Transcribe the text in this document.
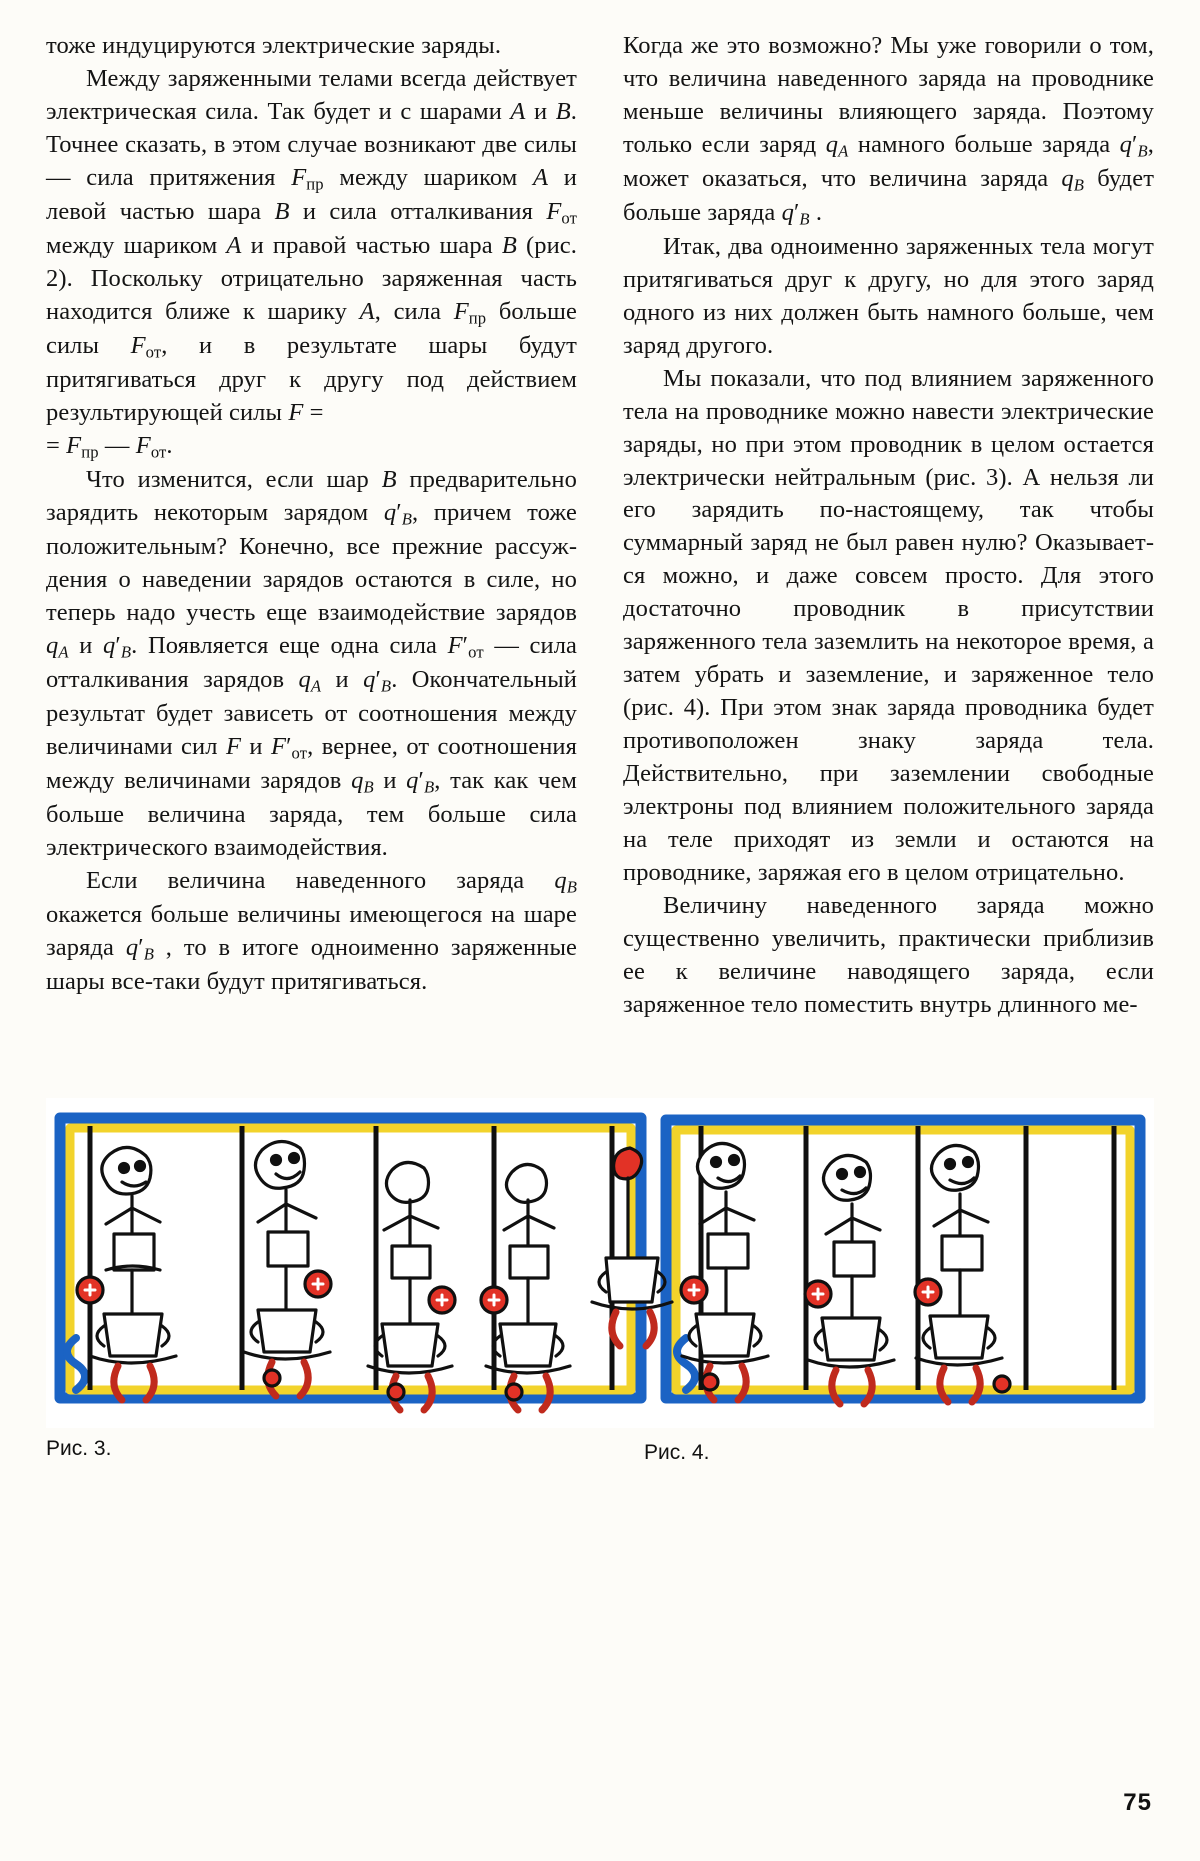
тоже индуцируются электрические заряды.

Между заряженными телами всегда действует электрическая сила. Так будет и с шарами A и B. Точнее сказать, в этом случае возникают две силы — сила притяжения $F_{пр}$ между шариком A и левой частью шара B и сила отталкивания $F_{от}$ между шариком A и правой частью шара B (рис. 2). Поскольку отрицательно заряженная часть находится ближе к шарику A, сила $F_{пр}$ больше силы $F_{от}$, и в результате шары будут притягиваться друг к другу под действием результирующей силы F =
= $F_{пр}$ — $F_{от}$.

Что изменится, если шар B предварительно зарядить некоторым зарядом $q'_B$, причем тоже положительным? Конечно, все прежние рассуждения о наведении зарядов остаются в силе, но теперь надо учесть еще взаимодействие зарядов $q_A$ и $q'_B$. Появляется еще одна сила $F'_{от}$ — сила отталкивания зарядов $q_A$ и $q'_B$. Окончательный результат будет зависеть от соотношения между величинами сил F и $F'_{от}$, вернее, от соотношения между величинами зарядов $q_B$ и $q'_B$, так как чем больше величина заряда, тем больше сила электрического взаимодействия.

Если величина наведенного заряда $q_B$ окажется больше величины имеющегося на шаре заряда $q'_B$ , то в итоге одноименно заряженные шары все-таки будут притягиваться.

Когда же это возможно? Мы уже говорили о том, что величина наведенного заряда на проводнике меньше величины влияющего заряда. Поэтому только если заряд $q_A$ намного больше заряда $q'_B$, может оказаться, что величина заряда $q_B$ будет больше заряда $q'_B$ .

Итак, два одноименно заряженных тела могут притягиваться друг к другу, но для этого заряд одного из них должен быть намного больше, чем заряд другого.

Мы показали, что под влиянием заряженного тела на проводнике можно навести электрические заряды, но при этом проводник в целом остается электрически нейтральным (рис. 3). А нельзя ли его зарядить по-настоящему, так чтобы суммарный заряд не был равен нулю? Оказывается можно, и даже совсем просто. Для этого достаточно проводник в присутствии заряженного тела заземлить на некоторое время, а затем убрать и заземление, и заряженное тело (рис. 4). При этом знак заряда проводника будет противоположен знаку заряда тела. Действительно, при заземлении свободные электроны под влиянием положительного заряда на теле приходят из земли и остаются на проводнике, заряжая его в целом отрицательно.

Величину наведенного заряда можно существенно увеличить, практически приблизив ее к величине наводящего заряда, если заряженное тело поместить внутрь длинного ме-

Рис. 3.	Рис. 4.
75
